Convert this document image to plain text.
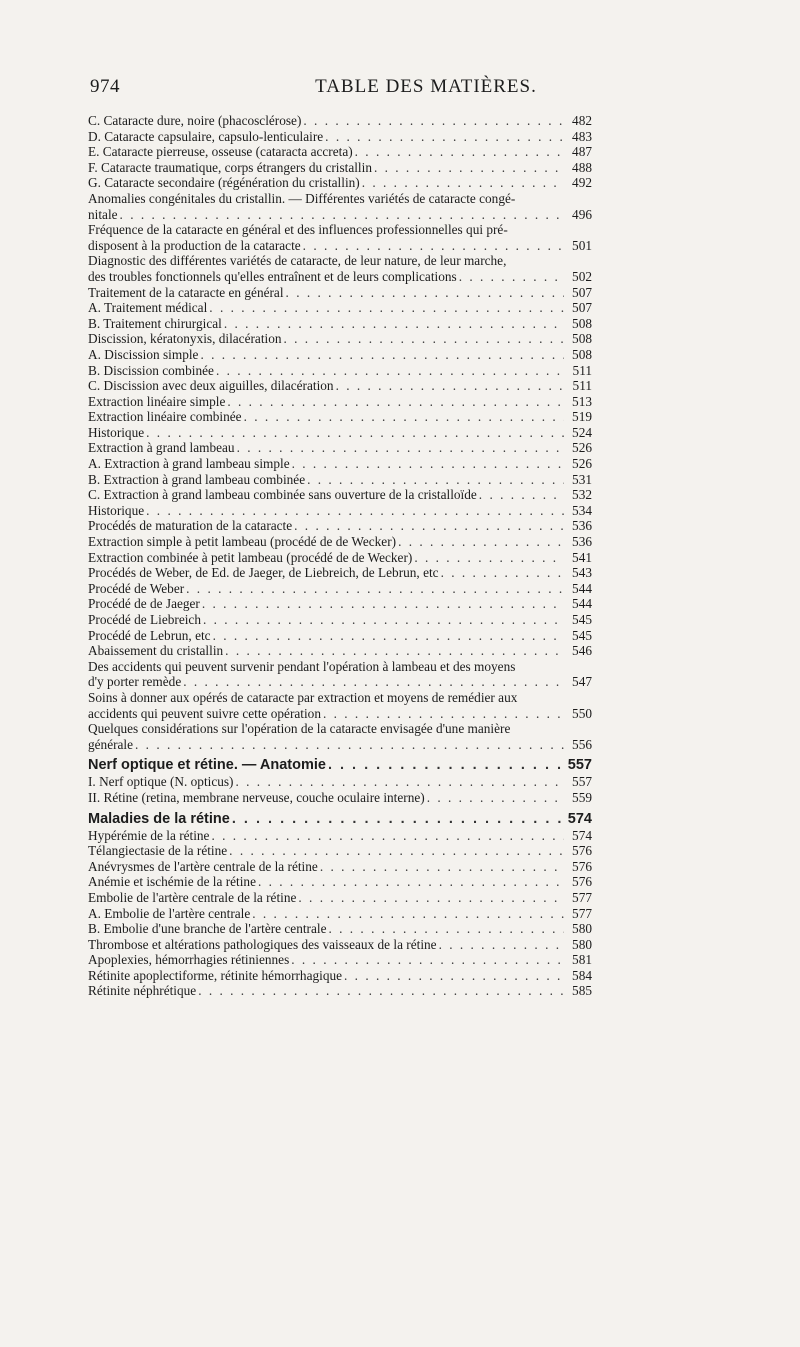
974	TABLE DES MATIÈRES.
C. Cataracte dure, noire (phacosclérose) . . .	482
D. Cataracte capsulaire, capsulo-lenticulaire . . .	483
E. Cataracte pierreuse, osseuse (cataracta accreta) . . .	487
F. Cataracte traumatique, corps étrangers du cristallin . . .	488
G. Cataracte secondaire (régénération du cristallin) . . .	492
Anomalies congénitales du cristallin. — Différentes variétés de cataracte congé-
nitale . . .	496
Fréquence de la cataracte en général et des influences professionnelles qui pré-
disposent à la production de la cataracte . . .	501
Diagnostic des différentes variétés de cataracte, de leur nature, de leur marche,
des troubles fonctionnels qu'elles entraînent et de leurs complications . . .	502
Traitement de la cataracte en général . . .	507
A. Traitement médical . . .	507
B. Traitement chirurgical . . .	508
Discission, kératonyxis, dilacération . . .	508
A. Discission simple . . .	508
B. Discission combinée . . .	511
C. Discission avec deux aiguilles, dilacération . . .	511
Extraction linéaire simple . . .	513
Extraction linéaire combinée . . .	519
Historique . . .	524
Extraction à grand lambeau . . .	526
A. Extraction à grand lambeau simple . . .	526
B. Extraction à grand lambeau combinée . . .	531
C. Extraction à grand lambeau combinée sans ouverture de la cristalloïde . . .	532
Historique . . .	534
Procédés de maturation de la cataracte . . .	536
Extraction simple à petit lambeau (procédé de de Wecker) . . .	536
Extraction combinée à petit lambeau (procédé de de Wecker) . . .	541
Procédés de Weber, de Ed. de Jaeger, de Liebreich, de Lebrun, etc . . .	543
Procédé de Weber . . .	544
Procédé de de Jaeger . . .	544
Procédé de Liebreich . . .	545
Procédé de Lebrun, etc . . .	545
Abaissement du cristallin . . .	546
Des accidents qui peuvent survenir pendant l'opération à lambeau et des moyens
d'y porter remède . . .	547
Soins à donner aux opérés de cataracte par extraction et moyens de remédier aux
accidents qui peuvent suivre cette opération . . .	550
Quelques considérations sur l'opération de la cataracte envisagée d'une manière
générale . . .	556
Nerf optique et rétine. — Anatomie . . .	557
I. Nerf optique (N. opticus) . . .	557
II. Rétine (retina, membrane nerveuse, couche oculaire interne) . . .	559
Maladies de la rétine . . .	574
Hypérémie de la rétine . . .	574
Télangiectasie de la rétine . . .	576
Anévrysmes de l'artère centrale de la rétine . . .	576
Anémie et ischémie de la rétine . . .	576
Embolie de l'artère centrale de la rétine . . .	577
A. Embolie de l'artère centrale . . .	577
B. Embolie d'une branche de l'artère centrale . . .	580
Thrombose et altérations pathologiques des vaisseaux de la rétine . . .	580
Apoplexies, hémorrhagies rétiniennes . . .	581
Rétinite apoplectiforme, rétinite hémorrhagique . . .	584
Rétinite néphrétique . . .	585
